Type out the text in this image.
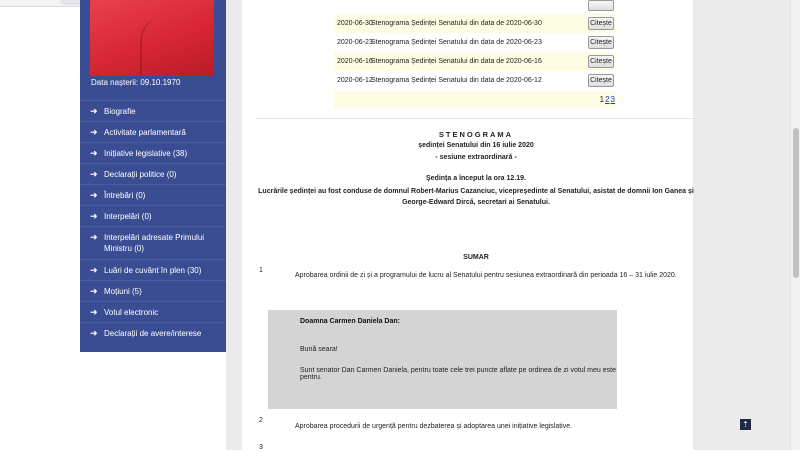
Data nașterii: 09.10.1970
➜ Biografie
➜ Activitate parlamentară
➜ Inițiative legislative (38)
➜ Declarații politice (0)
➜ Întrebări (0)
➜ Interpelări (0)
➜ Interpelări adresate Primului Ministru (0)
➜ Luări de cuvânt în plen (30)
➜ Moțiuni (5)
➜ Votul electronic
➜ Declarații de avere/interese
2020-06-30
Stenograma Ședinței Senatului din data de 2020-06-30	Citește
2020-06-23
Stenograma Ședinței Senatului din data de 2020-06-23	Citește
2020-06-16
Stenograma Ședinței Senatului din data de 2020-06-16	Citește
2020-06-12
Stenograma Ședinței Senatului din data de 2020-06-12	Citește
123
STENOGRAMA
ședinței Senatului din 16 iulie 2020
- sesiune extraordinară -
Ședința a început la ora 12.19.
Lucrările ședinței au fost conduse de domnul Robert-Marius Cazanciuc, vicepreședinte al Senatului, asistat de domnii Ion Ganea și George-Edward Dircă, secretari ai Senatului.
SUMAR
1
Aprobarea ordinii de zi și a programului de lucru al Senatului pentru sesiunea extraordinară din perioada 16 – 31 iulie 2020.
Doamna Carmen Daniela Dan:
Bună seara!
Sunt senator Dan Carmen Daniela, pentru toate cele trei puncte aflate pe ordinea de zi votul meu este pentru.
2
Aprobarea procedurii de urgență pentru dezbaterea și adoptarea unei inițiative legislative.
3
⇡
